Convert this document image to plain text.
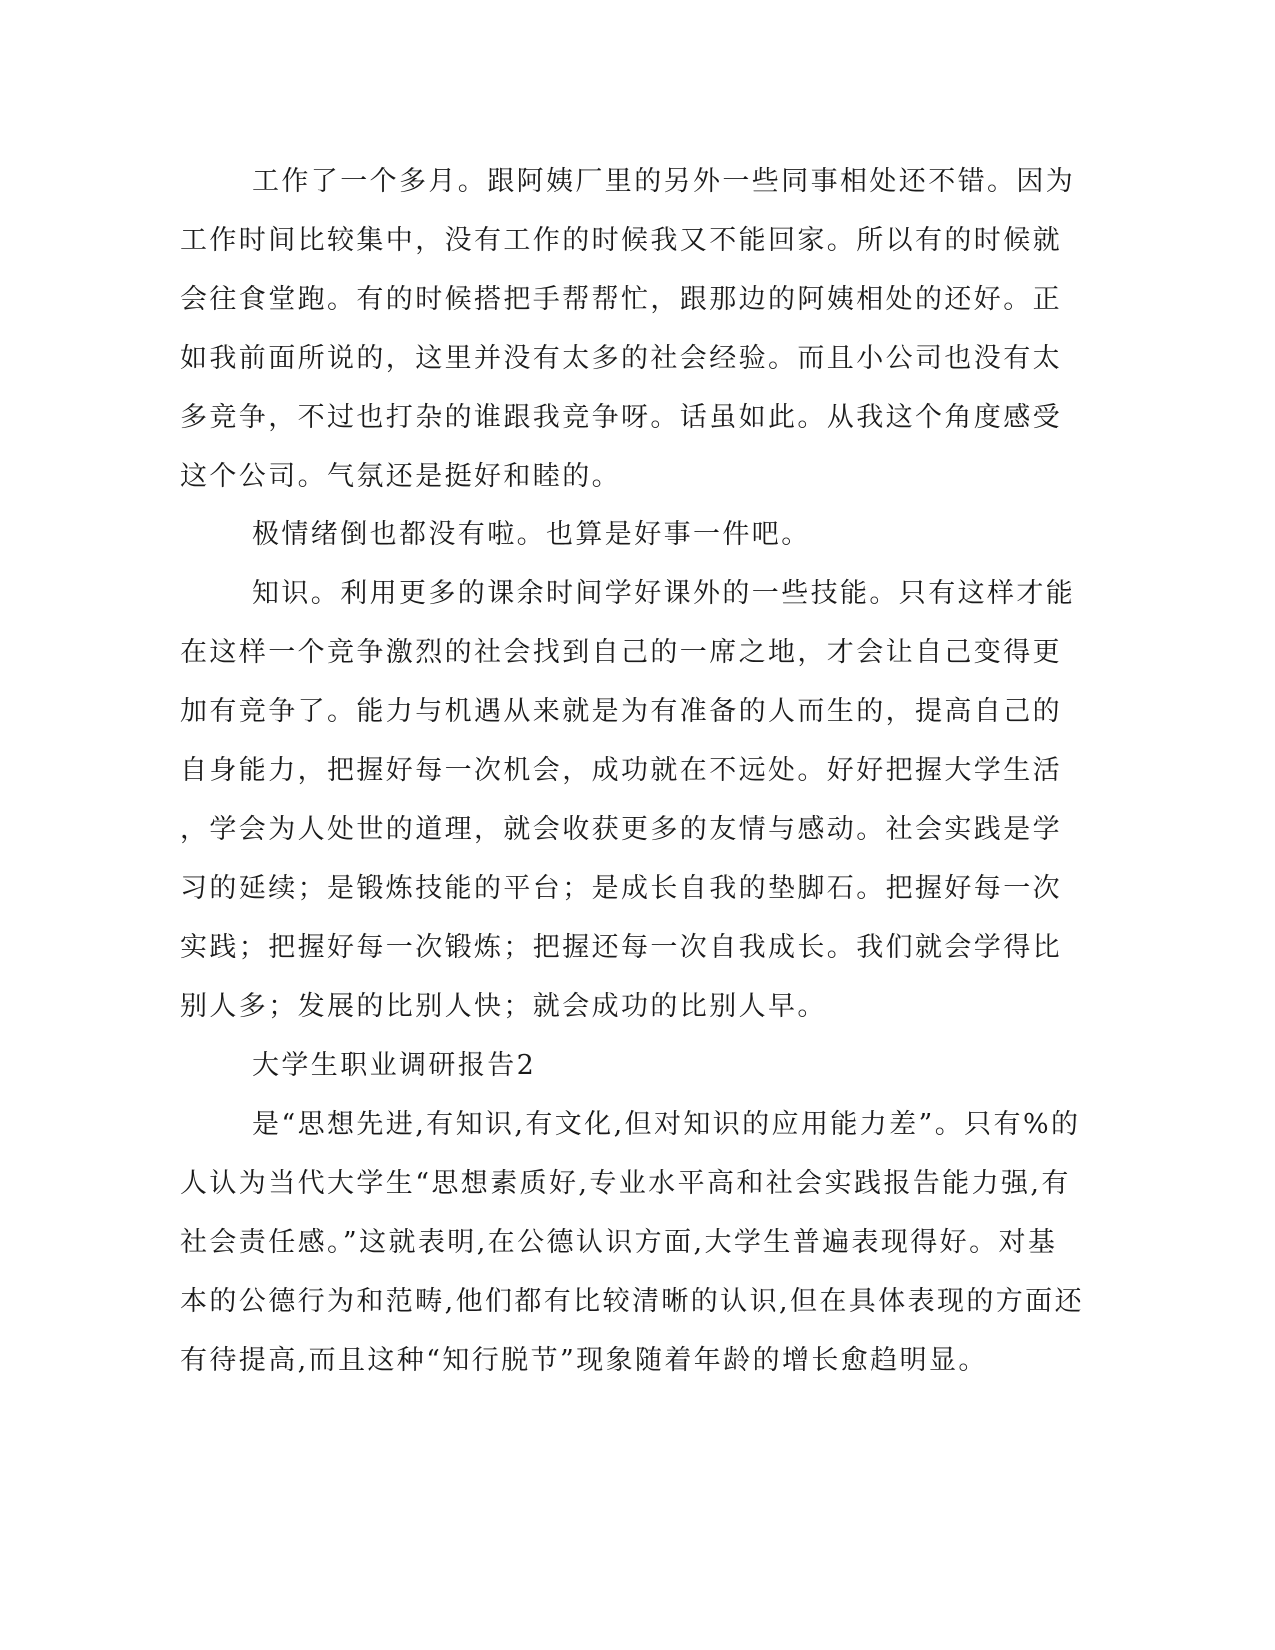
工作了一个多月。跟阿姨厂里的另外一些同事相处还不错。因为
工作时间比较集中，没有工作的时候我又不能回家。所以有的时候就
会往食堂跑。有的时候搭把手帮帮忙，跟那边的阿姨相处的还好。正
如我前面所说的，这里并没有太多的社会经验。而且小公司也没有太
多竞争，不过也打杂的谁跟我竞争呀。话虽如此。从我这个角度感受
这个公司。气氛还是挺好和睦的。
极情绪倒也都没有啦。也算是好事一件吧。
知识。利用更多的课余时间学好课外的一些技能。只有这样才能
在这样一个竞争激烈的社会找到自己的一席之地，才会让自己变得更
加有竞争了。能力与机遇从来就是为有准备的人而生的，提高自己的
自身能力，把握好每一次机会，成功就在不远处。好好把握大学生活
，学会为人处世的道理，就会收获更多的友情与感动。社会实践是学
习的延续；是锻炼技能的平台；是成长自我的垫脚石。把握好每一次
实践；把握好每一次锻炼；把握还每一次自我成长。我们就会学得比
别人多；发展的比别人快；就会成功的比别人早。
大学生职业调研报告2
是“思想先进,有知识,有文化,但对知识的应用能力差”。只有%的
人认为当代大学生“思想素质好,专业水平高和社会实践报告能力强,有
社会责任感。”这就表明,在公德认识方面,大学生普遍表现得好。对基
本的公德行为和范畴,他们都有比较清晰的认识,但在具体表现的方面还
有待提高,而且这种“知行脱节”现象随着年龄的增长愈趋明显。
